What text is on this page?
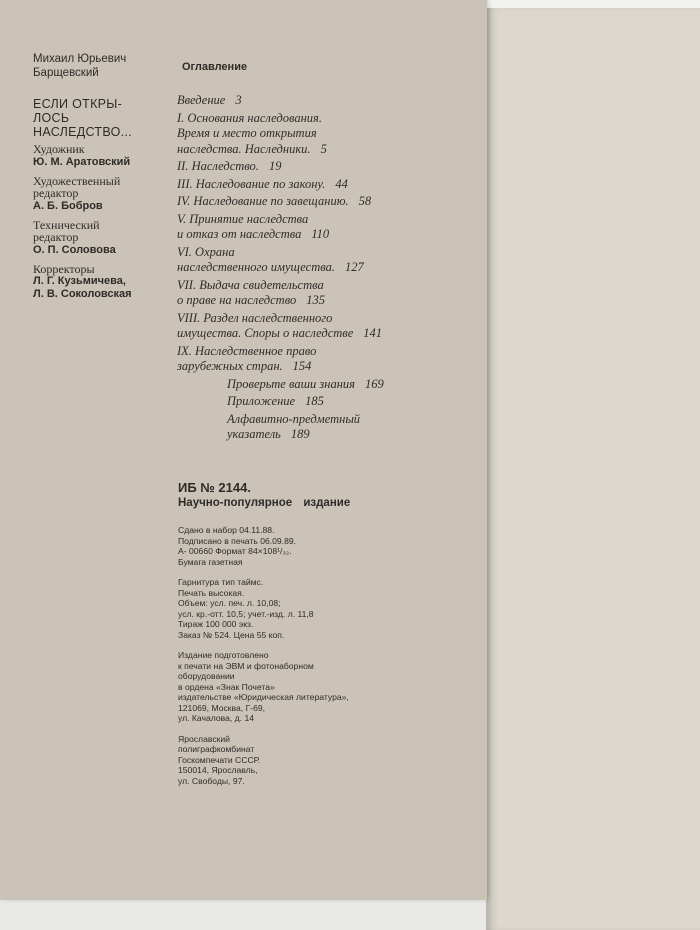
Михаил Юрьевич
Барщевский
ЕСЛИ ОТКРЫ-
ЛОСЬ
НАСЛЕДСТВО...
Художник
Ю. М. Аратовский
Художественный
редактор
А. Б. Бобров
Технический
редактор
О. П. Соловова
Корректоры
Л. Г. Кузьмичева,
Л. В. Соколовская
Оглавление
Введение 3
I. Основания наследования.
Время и место открытия
наследства. Наследники. 5
II. Наследство. 19
III. Наследование по закону. 44
IV. Наследование по завещанию. 58
V. Принятие наследства
и отказ от наследства 110
VI. Охрана
наследственного имущества. 127
VII. Выдача свидетельства
о праве на наследство 135
VIII. Раздел наследственного
имущества. Споры о наследстве 141
IX. Наследственное право
зарубежных стран. 154
Проверьте ваши знания 169
Приложение 185
Алфавитно-предметный
указатель 189
ИБ № 2144.
Научно-популярное издание
Сдано в набор 04.11.88.
Подписано в печать 06.09.89.
А- 00660 Формат 84×108¹/₃₂.
Бумага газетная
Гарнитура тип таймс.
Печать высокая.
Объем: усл. печ. л. 10,08;
усл. кр.-отт. 10,5; учет.-изд. л. 11,8
Тираж 100 000 экз.
Заказ № 524. Цена 55 коп.
Издание подготовлено
к печати на ЭВМ и фотонаборном
оборудовании
в ордена «Знак Почета»
издательстве «Юридическая литература»,
121069, Москва, Г-69,
ул. Качалова, д. 14
Ярославский
полиграфкомбинат
Госкомпечати СССР.
150014, Ярославль,
ул. Свободы, 97.
